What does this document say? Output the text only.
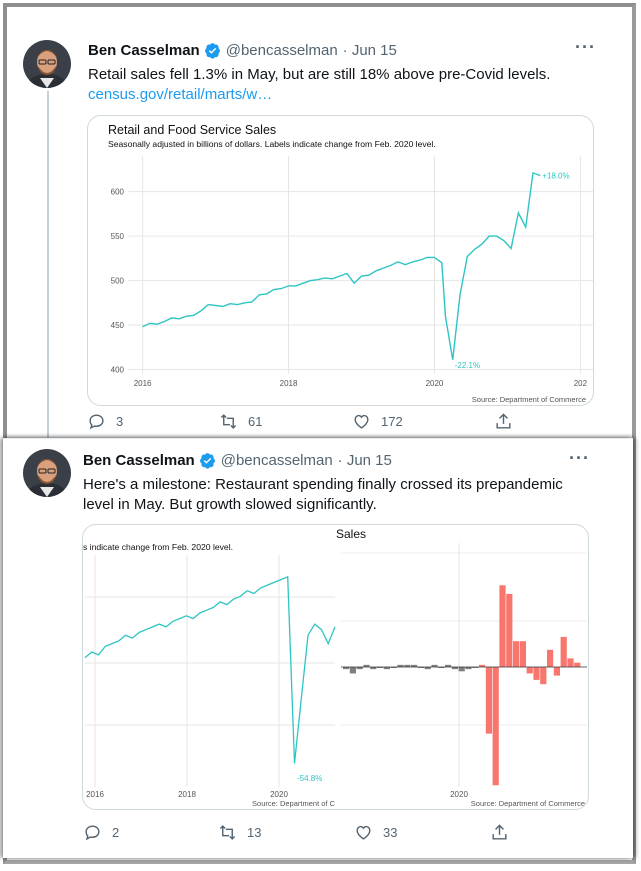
Ben Casselman @bencasselman · Jun 15	···
Retail sales fell 1.3% in May, but are still 18% above pre-Covid levels.
census.gov/retail/marts/w…
Retail and Food Service Sales
Seasonally adjusted in billions of dollars. Labels indicate change from Feb. 2020 level.
400
450
500
550
600
2016	2018	2020	202
-22.1%
+18.0%
Source: Department of Commerce
3	61	172
Ben Casselman @bencasselman · Jun 15	···
Here's a milestone: Restaurant spending finally crossed its prepandemic
level in May. But growth slowed significantly.
Sales
s indicate change from Feb. 2020 level.
2016	2018	2020
-54.8%
2020
Source: Department of C	Source: Department of Commerce
2	13	33
